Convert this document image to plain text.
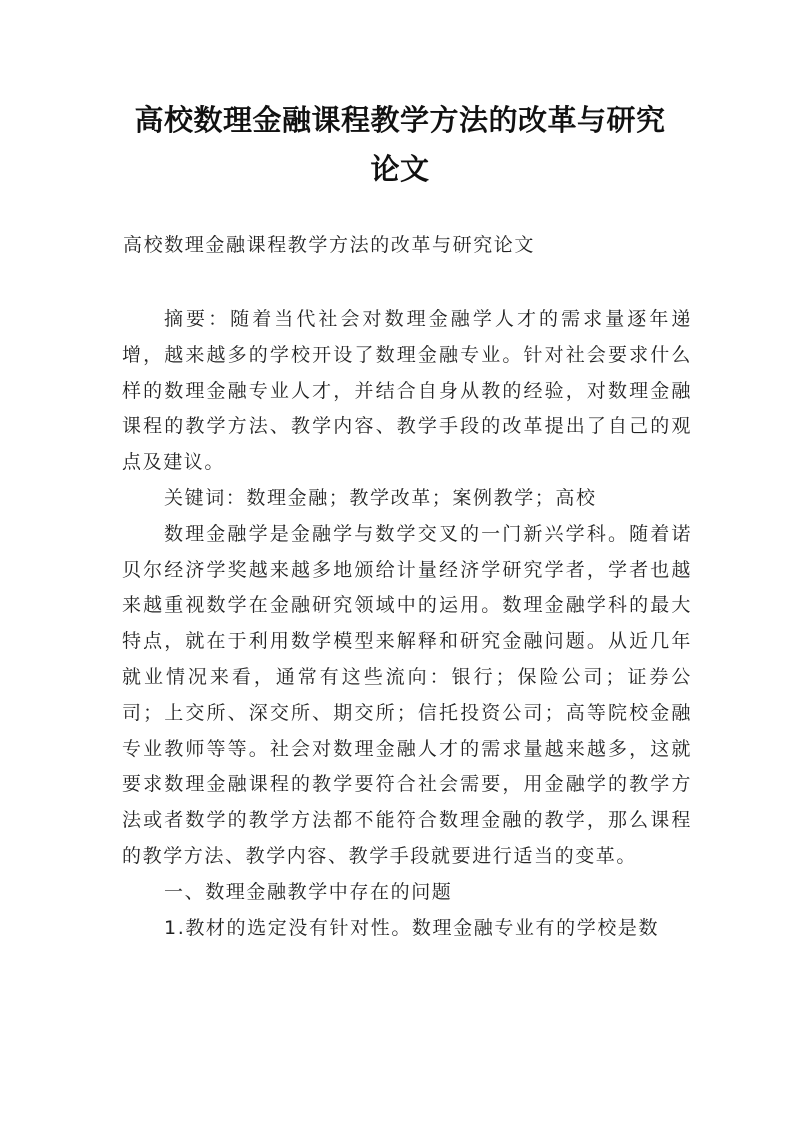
高校数理金融课程教学方法的改革与研究
论文
高校数理金融课程教学方法的改革与研究论文

摘要：随着当代社会对数理金融学人才的需求量逐年递增，越来越多的学校开设了数理金融专业。针对社会要求什么样的数理金融专业人才，并结合自身从教的经验，对数理金融课程的教学方法、教学内容、教学手段的改革提出了自己的观点及建议。

关键词：数理金融；教学改革；案例教学；高校

数理金融学是金融学与数学交叉的一门新兴学科。随着诺贝尔经济学奖越来越多地颁给计量经济学研究学者，学者也越来越重视数学在金融研究领域中的运用。数理金融学科的最大特点，就在于利用数学模型来解释和研究金融问题。从近几年就业情况来看，通常有这些流向：银行；保险公司；证券公司；上交所、深交所、期交所；信托投资公司；高等院校金融专业教师等等。社会对数理金融人才的需求量越来越多，这就要求数理金融课程的教学要符合社会需要，用金融学的教学方法或者数学的教学方法都不能符合数理金融的教学，那么课程的教学方法、教学内容、教学手段就要进行适当的变革。

一、数理金融教学中存在的问题

1.教材的选定没有针对性。数理金融专业有的学校是数
